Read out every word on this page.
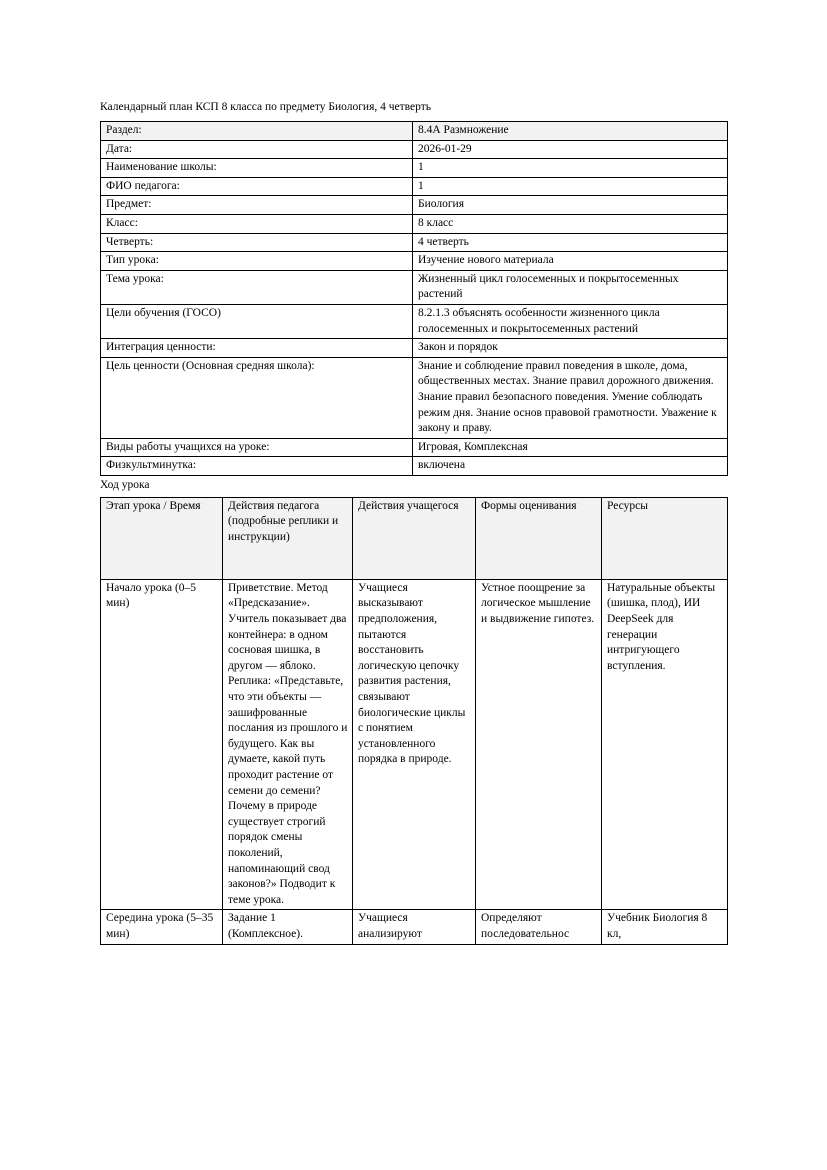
Календарный план КСП 8 класса по предмету Биология, 4 четверть
Раздел:	8.4А Размножение
Дата:	2026-01-29
Наименование школы:	1
ФИО педагога:	1
Предмет:	Биология
Класс:	8 класс
Четверть:	4 четверть
Тип урока:	Изучение нового материала
Тема урока:	Жизненный цикл голосеменных и покрытосеменных растений
Цели обучения (ГОСО)	8.2.1.3 объяснять особенности жизненного цикла голосеменных и покрытосеменных растений
Интеграция ценности:	Закон и порядок
Цель ценности (Основная средняя школа):	Знание и соблюдение правил поведения в школе, дома, общественных местах. Знание правил дорожного движения. Знание правил безопасного поведения. Умение соблюдать режим дня. Знание основ правовой грамотности. Уважение к закону и праву.
Виды работы учащихся на уроке:	Игровая, Комплексная
Физкультминутка:	включена
Ход урока
Этап урока / Время	Действия педагога (подробные реплики и инструкции)	Действия учащегося	Формы оценивания	Ресурсы
Начало урока (0–5 мин)	Приветствие. Метод «Предсказание». Учитель показывает два контейнера: в одном сосновая шишка, в другом — яблоко. Реплика: «Представьте, что эти объекты — зашифрованные послания из прошлого и будущего. Как вы думаете, какой путь проходит растение от семени до семени? Почему в природе существует строгий порядок смены поколений, напоминающий свод законов?» Подводит к теме урока.	Учащиеся высказывают предположения, пытаются восстановить логическую цепочку развития растения, связывают биологические циклы с понятием установленного порядка в природе.	Устное поощрение за логическое мышление и выдвижение гипотез.	Натуральные объекты (шишка, плод), ИИ DeepSeek для генерации интригующего вступления.
Середина урока (5–35 мин)	Задание 1 (Комплексное).	Учащиеся анализируют	Определяют последовательнос	Учебник Биология 8 кл,
